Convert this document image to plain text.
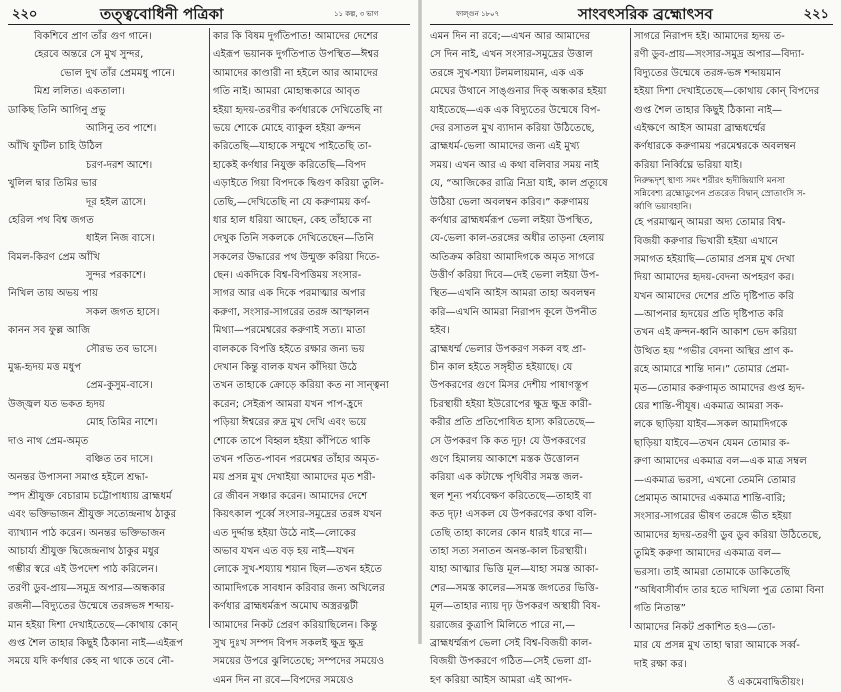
২২০	তত্ত্ববোধিনী পত্রিকা	১১ কল্প, ৩ ভাগ
বিকশিবে প্রাণ তাঁর গুণ গানে।
হেরবে অন্তরে সে মুখ সুন্দর,
ভোল দুখ তাঁর প্রেমমধু পানে।
মিশ্র ললিত। একতালা।
ডাকিছ তিনি আগিনু প্রভু
আসিনু তব পাশে।
আঁখি ফুটিল চাহি উঠিল
চরণ-দরশ আশে।
খুলিল দ্বার তিমির ভার
দূর হইল ত্রাসে।
হেরিল পথ বিশ্ব জগত
ধাইল নিজ বাসে।
বিমল-কিরণ প্রেম আঁখি
সুন্দর পরকাশে।
নিখিল তায় অভয় পায়
সকল জগত হাসে।
কানন সব ফুল্ল আজি
সৌরভ তব ভাসে।
মুগ্ধ-হৃদয় মত্ত মধুপ
প্রেম-কুসুম-বাসে।
উজ্জ্বল যত ভকত হৃদয়
মোহ তিমির নাশে।
দাও নাথ প্রেম-অমৃত
বঞ্চিত তব দাসে।
অনন্তর উপাসনা সমাপ্ত হইলে শ্রদ্ধা-
স্পদ শ্রীযুক্ত বেচারাম চট্টোপাধ্যায় ব্রাহ্মধর্ম
এবং ভক্তিভাজন শ্রীযুক্ত সত্যেন্দ্রনাথ ঠাকুর
ব্যাখ্যান পাঠ করেন। অনন্তর ভক্তিভাজন
আচার্য্য শ্রীযুক্ত দ্বিজেন্দ্রনাথ ঠাকুর মধুর
গম্ভীর স্বরে এই উপদেশ পাঠ করিলেন।
তরণী ডুব-প্রায়—সমুদ্র অপার—অন্ধকার
রজনী—বিদ্যুতের উন্মেষে তরঙ্গভঙ্গ শব্দায়-
মান হইয়া দিশা দেখাইতেছে—কোথায় কোন্
গুপ্ত শৈল তাহার কিছুই ঠিকানা নাই—এইরূপ
সময়ে যদি কর্ণধার কেহ না থাকে তবে নৌ-
কার কি বিষম দুর্গতিপাত! আমাদের দেশের
এইরূপ ভয়ানক দুর্গতিপাত উপস্থিত—ঈশ্বর
আমাদের কাণ্ডারী না হইলে আর আমাদের
গতি নাই। আমরা মোহান্ধকারে আবৃত
হইয়া হৃদয়-তরণীর কর্ণধারকে দেখিতেছি না
ভয়ে শোকে মোহে ব্যাকুল হইয়া ক্রন্দন
করিতেছি—যাহাকে সম্মুখে পাইতেছি তা-
হাকেই কর্ণধার নিযুক্ত করিতেছি—বিপদ
এড়াইতে গিয়া বিপদকে দ্বিগুণ করিয়া তুলি-
তেছি,—দেখিতেছি না যে করুণাময় কর্ণ-
ধার হাল ধরিয়া আছেন, কেহ তাঁহাকে না
দেখুক তিনি সকলকে দেখিতেছেন—তিনি
সকলের উদ্ধারের পথ উন্মুক্ত করিয়া দিতে-
ছেন। একদিকে বিশ্ব-বিপত্তিময় সংসার-
সাগর আর এক দিকে পরমাত্মার অপার
করুণা, সংসার-সাগরের তরঙ্গ আস্ফালন
মিথ্যা—পরমেশ্বরের করুণাই সত্য। মাতা
বালককে বিপত্তি হইতে রক্ষার জন্য ভয়
দেখান কিন্তু বালক যখন কাঁদিয়া উঠে
তখন তাহাকে ক্রোড়ে করিয়া কত না সান্ত্বনা
করেন; সেইরূপ আমরা যখন পাপ-হ্রদে
পড়িয়া ঈশ্বরের রুদ্র মুখ দেখি এবং ভয়ে
শোকে তাপে বিহ্বল হইয়া কাঁপিতে থাকি
তখন পতিত-পাবন পরমেশ্বর তাঁহার অমৃত-
ময় প্রসন্ন মুখ দেখাইয়া আমাদের মৃত শরী-
রে জীবন সঞ্চার করেন। আমাদের দেশে
কিয়ৎকাল পূর্ব্বে সংসার-সমুদ্রের তরঙ্গ যখন
এত দুর্দ্দান্ত হইয়া উঠে নাই—লোকের
অভাব যখন এত বড় হয় নাই—যখন
লোকে সুখ-শয্যায় শয়ান ছিল—তখন হইতে
আমাদিগকে সাবধান করিবার জন্য অখিলের
কর্ণধার ব্রাহ্মধর্মরূপ অমোঘ অস্ত্ররত্নটী
আমাদের নিকট প্রেরণ করিয়াছিলেন। কিন্তু
সুখ দুঃখ সম্পদ বিপদ সকলই ক্ষুদ্র ক্ষুদ্র
সময়ের উপরে ঝুলিতেছে; সম্পদের সময়েও
এমন দিন না রবে—বিপদের সময়েও
ফাল্গুন ১৮০৭	সাংবৎসরিক ব্রহ্মোৎসব	২২১
এমন দিন না রবে;—এখন আর আমাদের
সে দিন নাই, এখন সংসার-সমুদ্রের উত্তাল
তরঙ্গে সুখ-শয্যা টলমলায়মান, এক এক
মেঘের উথানে সাঙ্গুনার দিক্ অন্ধকার হইয়া
যাইতেছে—এক এক বিদ্যুতের উন্মেষে বিপ-
দের রসাতল মুখ ব্যাদান করিয়া উঠিতেছে,
ব্রাহ্মধর্ম-ভেলা আমাদের জন্য এই মুখ্য
সময়। এখন আর এ কথা বলিবার সময় নাই
যে, “আজিকের রাত্রি নিদ্রা যাই, কাল প্রত্যূষে
উঠিয়া ভেলা অবলম্বন করিব।” করুণাময়
কর্ণধার ব্রাহ্মধর্মরূপ ভেলা লইয়া উপস্থিত,
যে-ভেলা কাল-তরঙ্গের অধীর তাড়না হেলায়
অতিক্রম করিয়া আমাদিগকে অমৃত সাগরে
উত্তীর্ণ করিয়া দিবে—দেই ভেলা লইয়া উপ-
স্থিত—এখনি আইস আমরা তাহা অবলম্বন
করি—এখনি আমরা নিরাপদ কূলে উপনীত
হইব।
ব্রাহ্মধর্ম্ম ভেলার উপকরণ সকল বহু প্রা-
চীন কাল হইতে সঙ্গৃহীত হইয়াছে। যে
উপকরণের গুণে মিসর দেশীয় পাষাণস্তূপ
চিরস্থায়ী হইয়া ইউরোপের ক্ষুদ্র ক্ষুদ্র কারী-
করীর প্রতি প্রতিপোষিত হাস্য করিতেছে—
সে উপকরণ কি কত দূঢ়! যে উপকরণের
গুণে হিমালয় আকাশে মস্তক উত্তোলন
করিয়া এক কটাক্ষে পৃথিবীর সমস্ত জল-
স্থল শূন্য পর্য্যবেক্ষণ করিতেছে—তাহাই বা
কত দৃঢ়! এসকল যে উপকরণের কথা বলি-
তেছি তাহা কালের কোন ধারই ধারে না—
তাহা সত্য সনাতন অনন্ত-কাল চিরস্থায়ী।
যাহা আত্মার ভিত্তি মূল—যাহা সমস্ত আকা-
শের—সমস্ত কালের—সমস্ত জগতের ভিত্তি-
মূল—তাহার ন্যায় দৃঢ় উপকরণ অস্থায়ী বিষ-
য়রাজের কুত্রাপি মিলিতে পারে না,—
ব্রাহ্মধর্ম্মরূপ ভেলা সেই বিশ্ব-বিজয়ী কাল-
বিজয়ী উপকরণে গঠিত—সেই ভেলা গ্রা-
হণ করিয়া আইস আমরা এই আপদ-
সাগরে নিরাপদ হই। আমাদের হৃদয় ত-
রণী ডুব-প্রায়—সংসার-সমুদ্র অপার—বিদ্যা-
বিদ্যুতের উন্মেষে তরঙ্গ-ভঙ্গ শব্দায়মান
হইয়া দিশা দেখাইতেছে—কোথায় কোন্ বিপদের
গুপ্ত শৈল তাহার কিছুই ঠিকানা নাই—
এইক্ষণে আইস আমরা ব্রাহ্মধর্ম্মের
কর্ণধারকে করুণাময় পরমেশ্বরকে অবলম্বন
করিয়া নির্ব্বিঘ্নে ভরিয়া যাই।
নিরুদ্ধদৃশ্ স্থাণ্য সমং শরীরং হৃদীন্দ্রিয়াণি মনসা
সন্নিবেশ্য ব্রহ্মোডুপেন প্রতরেত বিদ্বান্ স্রোতাংসি স-
র্ব্বাণি ভয়াবহানি।
হে পরমাত্মন্ আমরা অদ্য তোমার বিশ্ব-
বিজয়ী করুণার ভিখারী হইয়া এখানে
সমাগত হইয়াছি—তোমার প্রসন্ন মুখ দেখা
দিয়া আমাদের হৃদয়-বেদনা অপহরণ কর।
যখন আমাদের দেশের প্রতি দৃষ্টিপাত করি
—আপনার হৃদয়ের প্রতি দৃষ্টিপাত করি
তখন এই ক্রন্দন-ধ্বনি আকাশ ভেদ করিয়া
উত্থিত হয় “গভীর বেদনা অস্থির প্রাণ ক-
রহে আমারে শান্তি দান।” তোমার প্রেমা-
মৃত—তোমার করুণামৃত আমাদের গুপ্ত হৃদ-
য়ের শান্তি-পীযূষ। একমাত্র আমরা সক-
লকে ছাড়িয়া যাইব—সকল আমাদিগকে
ছাড়িয়া যাইবে—তখন যেমন তোমার ক-
রুণা আমাদের একমাত্র বল—এক মাত্র সম্বল
—একমাত্র ভরসা, এখনো তেমনি তোমার
প্রেমামৃত আমাদের একমাত্র শান্তি-বারি;
সংসার-সাগরের ভীষণ তরঙ্গে ভীত হইয়া
আমাদের হৃদয়-তরণী ডুব ডুব করিয়া উঠিতেছে,
তুমিই করুণা আমাদের একমাত্র বল—
ভরসা। তাই আমরা তোমাকে ডাকিতেছি
“অধিবাসীর্বাদ তার হতে দাখিলা পুত্র তোমা বিনা
গতি নিতান্ত”
আমাদের নিকট প্রকাশিত হও—তো-
মার যে প্রসন্ন মুখ তাহা দ্বারা আমাকে সর্ব্ব-
দাই রক্ষা কর।
ওঁ একমেবাদ্বিতীয়ং।
